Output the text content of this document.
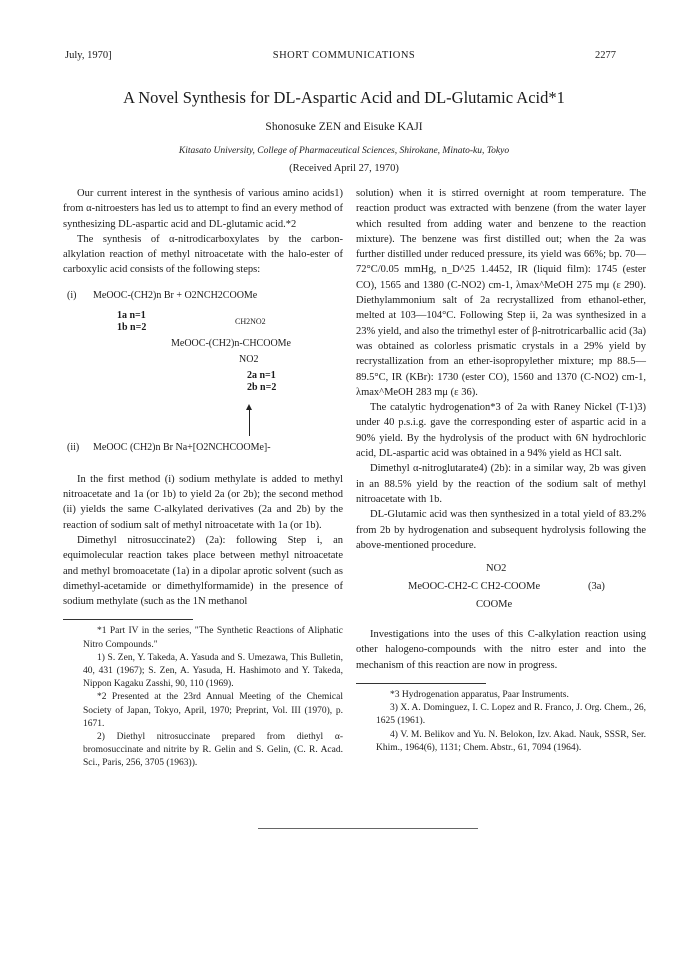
July, 1970]	SHORT COMMUNICATIONS	2277
A Novel Synthesis for DL-Aspartic Acid and DL-Glutamic Acid*1
Shonosuke ZEN and Eisuke KAJI
Kitasato University, College of Pharmaceutical Sciences, Shirokane, Minato-ku, Tokyo
(Received April 27, 1970)

Our current interest in the synthesis of various amino acids1) from α-nitroesters has led us to attempt to find an every method of synthesizing DL-aspartic acid and DL-glutamic acid.*2

The synthesis of α-nitrodicarboxylates by the carbon-alkylation reaction of methyl nitroacetate with the halo-ester of carboxylic acid consists of the following steps:

(i) MeOOC-(CH2)n Br + O2NCH2COOMe
1a n=1
1b n=2
CH2NO2
MeOOC-(CH2)n-CHCOOMe
NO2
2a n=1
2b n=2
(ii) MeOOC (CH2)n Br Na+[O2NCHCOOMe]-

In the first method (i) sodium methylate is added to methyl nitroacetate and 1a (or 1b) to yield 2a (or 2b); the second method (ii) yields the same C-alkylated derivatives (2a and 2b) by the reaction of sodium salt of methyl nitroacetate with 1a (or 1b).

Dimethyl nitrosuccinate2) (2a): following Step i, an equimolecular reaction takes place between methyl nitroacetate and methyl bromoacetate (1a) in a dipolar aprotic solvent (such as dimethyl-acetamide or dimethylformamide) in the presence of sodium methylate (such as the 1N methanol

*1 Part IV in the series, "The Synthetic Reactions of Aliphatic Nitro Compounds."

1) S. Zen, Y. Takeda, A. Yasuda and S. Umezawa, This Bulletin, 40, 431 (1967); S. Zen, A. Yasuda, H. Hashimoto and Y. Takeda, Nippon Kagaku Zasshi, 90, 110 (1969).

*2 Presented at the 23rd Annual Meeting of the Chemical Society of Japan, Tokyo, April, 1970; Preprint, Vol. III (1970), p. 1671.

2) Diethyl nitrosuccinate prepared from diethyl α-bromosuccinate and nitrite by R. Gelin and S. Gelin, (C. R. Acad. Sci., Paris, 256, 3705 (1963)).

solution) when it is stirred overnight at room temperature. The reaction product was extracted with benzene (from the water layer which resulted from adding water and benzene to the reaction mixture). The benzene was first distilled out; when the 2a was further distilled under reduced pressure, its yield was 66%; bp. 70—72°C/0.05 mmHg, n_D^25 1.4452, IR (liquid film): 1745 (ester CO), 1565 and 1380 (C-NO2) cm-1, λmax^MeOH 275 mμ (ε 290). Diethylammonium salt of 2a recrystallized from ethanol-ether, melted at 103—104°C. Following Step ii, 2a was synthesized in a 23% yield, and also the trimethyl ester of β-nitrotricarballic acid (3a) was obtained as colorless prismatic crystals in a 29% yield by recrystallization from an ether-isopropylether mixture; mp 88.5—89.5°C, IR (KBr): 1730 (ester CO), 1560 and 1370 (C-NO2) cm-1, λmax^MeOH 283 mμ (ε 36).

The catalytic hydrogenation*3 of 2a with Raney Nickel (T-1)3) under 40 p.s.i.g. gave the corresponding ester of aspartic acid in a 90% yield. By the hydrolysis of the product with 6N hydrochloric acid, DL-aspartic acid was obtained in a 94% yield as HCl salt.

Dimethyl α-nitroglutarate4) (2b): in a similar way, 2b was given in an 88.5% yield by the reaction of the sodium salt of methyl nitroacetate with 1b.

DL-Glutamic acid was then synthesized in a total yield of 83.2% from 2b by hydrogenation and subsequent hydrolysis following the above-mentioned procedure.

NO2
MeOOC-CH2-C CH2-COOMe	(3a)
COOMe

Investigations into the uses of this C-alkylation reaction using other halogeno-compounds with the nitro ester and into the mechanism of this reaction are now in progress.

*3 Hydrogenation apparatus, Paar Instruments.

3) X. A. Dominguez, I. C. Lopez and R. Franco, J. Org. Chem., 26, 1625 (1961).

4) V. M. Belikov and Yu. N. Belokon, Izv. Akad. Nauk, SSSR, Ser. Khim., 1964(6), 1131; Chem. Abstr., 61, 7094 (1964).
